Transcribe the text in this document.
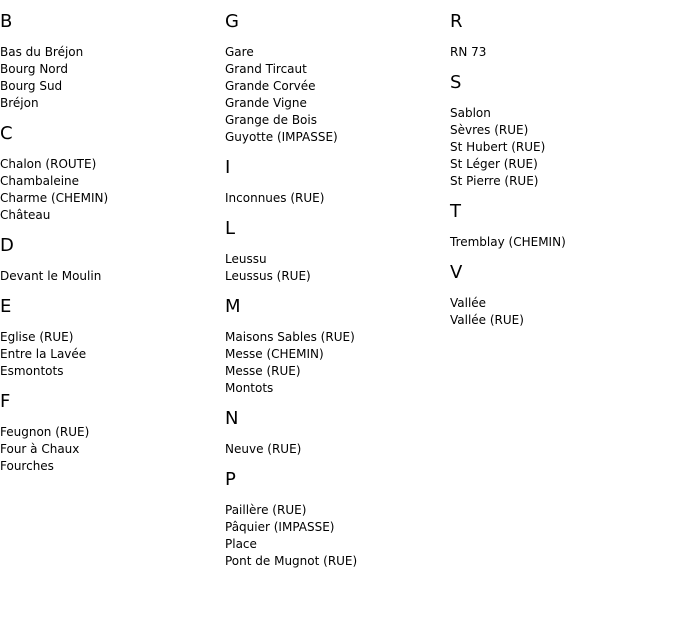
B
Bas du Bréjon
Bourg Nord
Bourg Sud
Bréjon
C
Chalon (ROUTE)
Chambaleine
Charme (CHEMIN)
Château
D
Devant le Moulin
E
Eglise (RUE)
Entre la Lavée
Esmontots
F
Feugnon (RUE)
Four à Chaux
Fourches
G
Gare
Grand Tircaut
Grande Corvée
Grande Vigne
Grange de Bois
Guyotte (IMPASSE)
I
Inconnues (RUE)
L
Leussu
Leussus (RUE)
M
Maisons Sables (RUE)
Messe (CHEMIN)
Messe (RUE)
Montots
N
Neuve (RUE)
P
Paillère (RUE)
Pâquier (IMPASSE)
Place
Pont de Mugnot (RUE)
R
RN 73
S
Sablon
Sèvres (RUE)
St Hubert (RUE)
St Léger (RUE)
St Pierre (RUE)
T
Tremblay (CHEMIN)
V
Vallée
Vallée (RUE)
